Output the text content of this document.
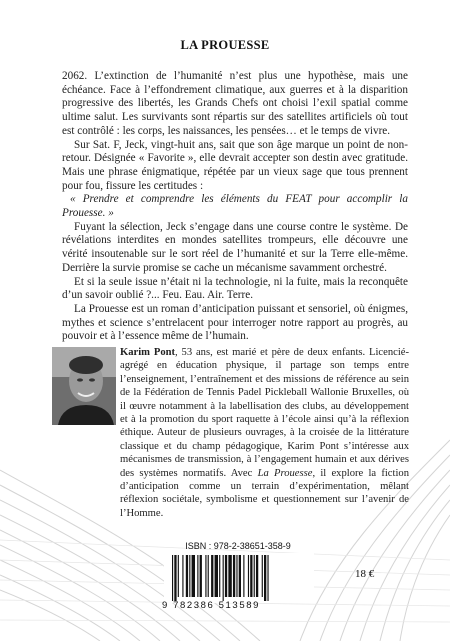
LA PROUESSE

2062. L’extinction de l’humanité n’est plus une hypothèse, mais une échéance. Face à l’effondrement climatique, aux guerres et à la disparition progressive des libertés, les Grands Chefs ont choisi l’exil spatial comme ultime salut. Les survivants sont répartis sur des satellites artificiels où tout est contrôlé : les corps, les naissances, les pensées… et le temps de vivre.

Sur Sat. F, Jeck, vingt-huit ans, sait que son âge marque un point de non-retour. Désignée « Favorite », elle devrait accepter son destin avec gratitude. Mais une phrase énigmatique, répétée par un vieux sage que tous prennent pour fou, fissure les certitudes :

« Prendre et comprendre les éléments du FEAT pour accomplir la Prouesse. »

Fuyant la sélection, Jeck s’engage dans une course contre le système. De révélations interdites en mondes satellites trompeurs, elle découvre une vérité insoutenable sur le sort réel de l’humanité et sur la Terre elle-même. Derrière la survie promise se cache un mécanisme savamment orchestré.

Et si la seule issue n’était ni la technologie, ni la fuite, mais la reconquête d’un savoir oublié ?... Feu. Eau. Air. Terre.

La Prouesse est un roman d’anticipation puissant et sensoriel, où énigmes, mythes et science s’entrelacent pour interroger notre rapport au progrès, au pouvoir et à l’essence même de l’humain.

Karim Pont, 53 ans, est marié et père de deux enfants. Licencié-agrégé en éducation physique, il partage son temps entre l’enseignement, l’entraînement et des missions de référence au sein de la Fédération de Tennis Padel Pickleball Wallonie Bruxelles, où il œuvre notamment à la labellisation des clubs, au développement et à la promotion du sport raquette à l’école ainsi qu’à la réflexion éthique. Auteur de plusieurs ouvrages, à la croisée de la littérature classique et du champ pédagogique, Karim Pont s’intéresse aux mécanismes de transmission, à l’engagement humain et aux dérives des systèmes normatifs. Avec La Prouesse, il explore la fiction d’anticipation comme un terrain d’expérimentation, mêlant réflexion sociétale, symbolisme et questionnement sur l’avenir de l’Homme.
ISBN : 978-2-38651-358-9
9 782386 513589
18 €
